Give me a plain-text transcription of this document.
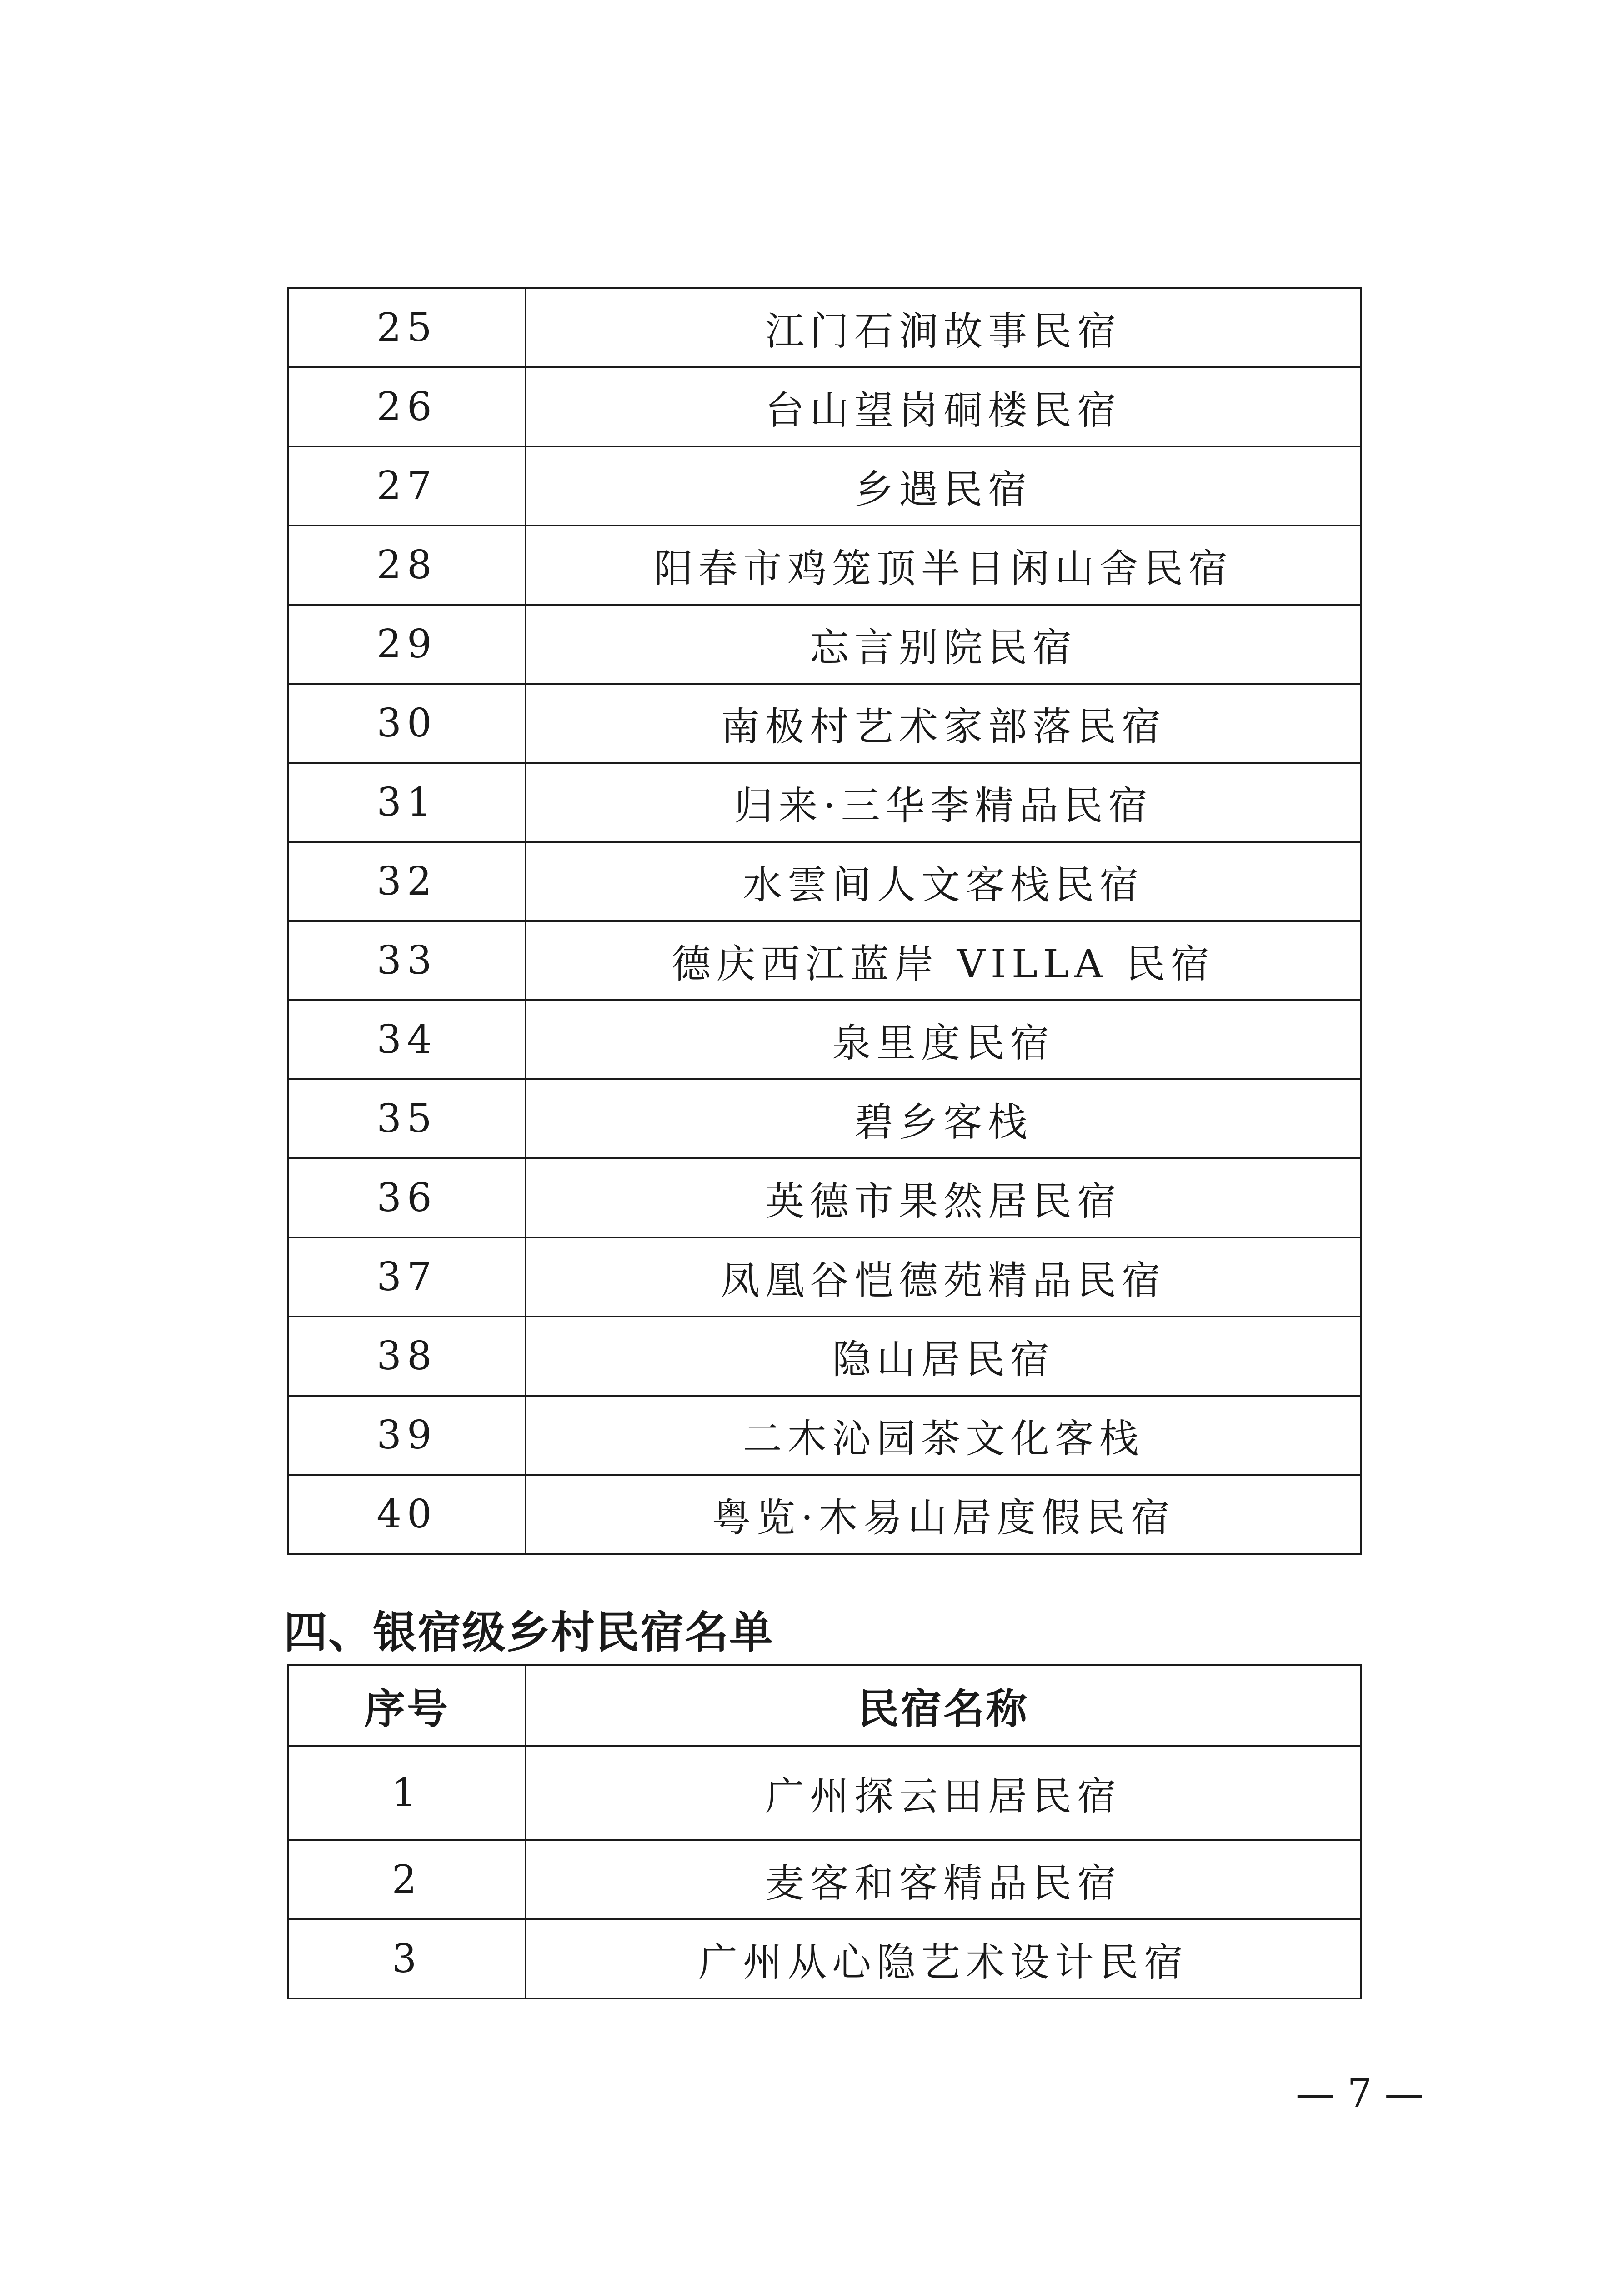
25	江门石涧故事民宿
26	台山望岗硐楼民宿
27	乡遇民宿
28	阳春市鸡笼顶半日闲山舍民宿
29	忘言别院民宿
30	南极村艺术家部落民宿
31	归来·三华李精品民宿
32	水雲间人文客栈民宿
33	德庆西江蓝岸 VILLA 民宿
34	泉里度民宿
35	碧乡客栈
36	英德市果然居民宿
37	凤凰谷恺德苑精品民宿
38	隐山居民宿
39	二木沁园茶文化客栈
40	粤览·木易山居度假民宿
四、银宿级乡村民宿名单
序号	民宿名称
1	广州探云田居民宿
2	麦客和客精品民宿
3	广州从心隐艺术设计民宿
— 7 —
